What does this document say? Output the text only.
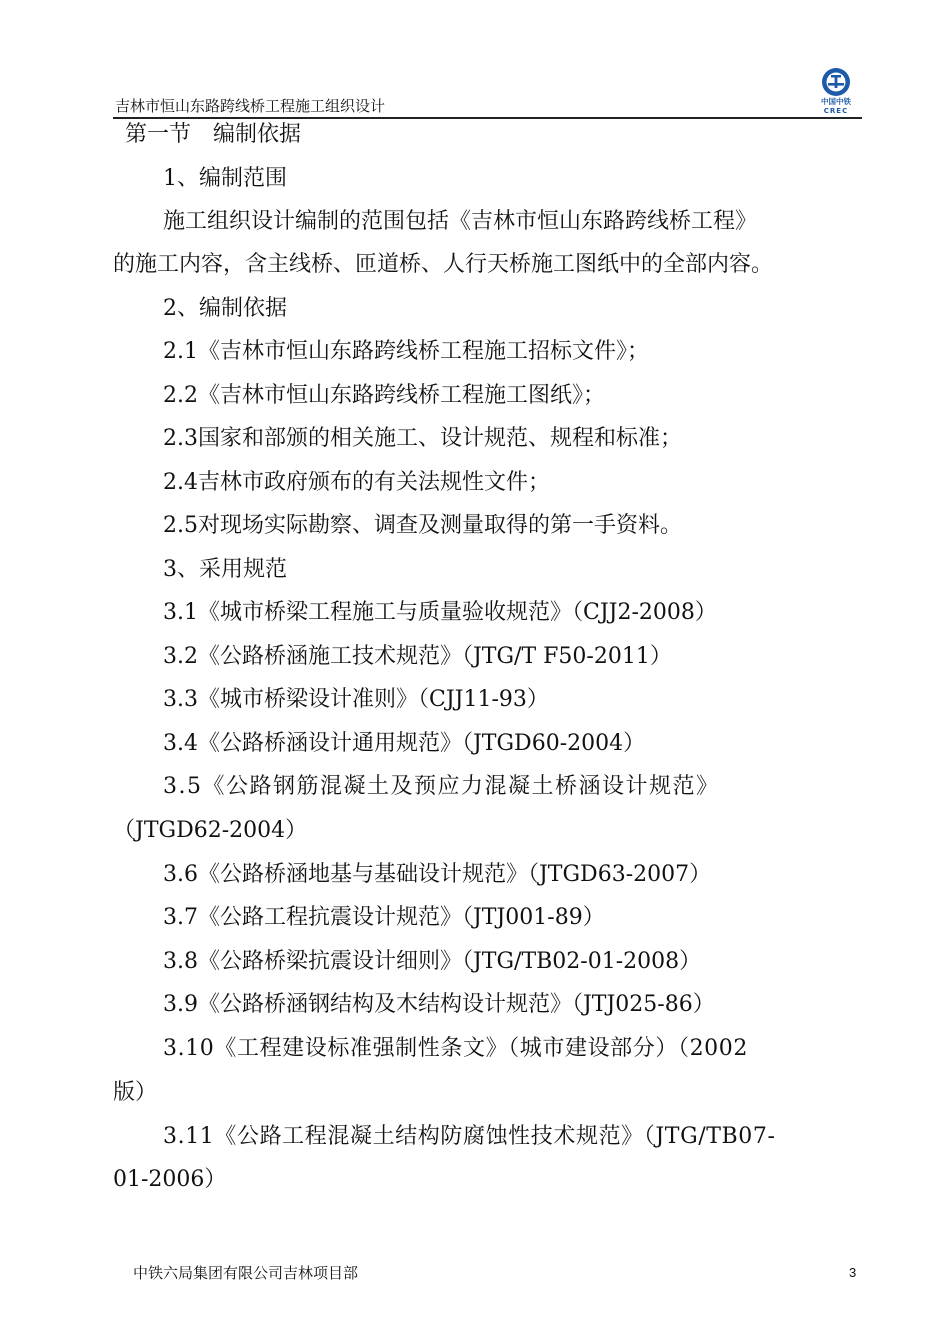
吉林市恒山东路跨线桥工程施工组织设计	中国中铁
CREC
第一节　编制依据
1、编制范围
施工组织设计编制的范围包括《吉林市恒山东路跨线桥工程》
的施工内容，含主线桥、匝道桥、人行天桥施工图纸中的全部内容。
2、编制依据
2.1《吉林市恒山东路跨线桥工程施工招标文件》；
2.2《吉林市恒山东路跨线桥工程施工图纸》；
2.3国家和部颁的相关施工、设计规范、规程和标准；
2.4吉林市政府颁布的有关法规性文件；
2.5对现场实际勘察、调查及测量取得的第一手资料。
3、采用规范
3.1《城市桥梁工程施工与质量验收规范》（CJJ2-2008）
3.2《公路桥涵施工技术规范》（JTG/T F50-2011）
3.3《城市桥梁设计准则》（CJJ11-93）
3.4《公路桥涵设计通用规范》（JTGD60-2004）
3.5《公路钢筋混凝土及预应力混凝土桥涵设计规范》
（JTGD62-2004）
3.6《公路桥涵地基与基础设计规范》（JTGD63-2007）
3.7《公路工程抗震设计规范》（JTJ001-89）
3.8《公路桥梁抗震设计细则》（JTG/TB02-01-2008）
3.9《公路桥涵钢结构及木结构设计规范》（JTJ025-86）
3.10《工程建设标准强制性条文》（城市建设部分）（2002
版）
3.11《公路工程混凝土结构防腐蚀性技术规范》（JTG/TB07-
01-2006）
中铁六局集团有限公司吉林项目部	3
